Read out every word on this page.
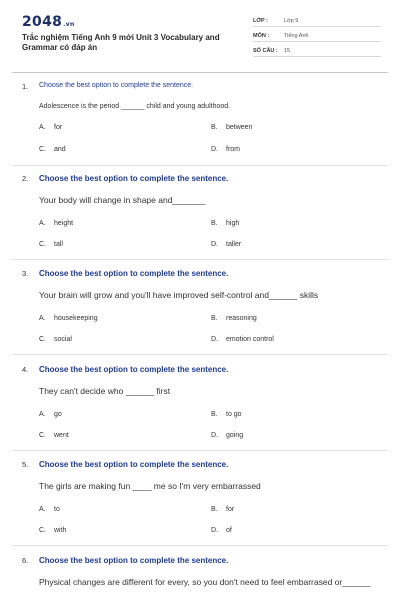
2048.vn
Trắc nghiệm Tiếng Anh 9 mới Unit 3 Vocabulary and Grammar có đáp án
LỚP :	Lớp 9
MÔN :	Tiếng Anh
SỐ CÂU :	15
1. Choose the best option to complete the sentence.
Adolescence is the period ______ child and young adulthood.
A. for	B. between
C. and	D. from
2. Choose the best option to complete the sentence.
Your body will change in shape and_______
A. height	B. high
C. tall	D. taller
3. Choose the best option to complete the sentence.
Your brain will grow and you'll have improved self-control and______ skills
A. housekeeping	B. reasoning
C. social	D. emotion control
4. Choose the best option to complete the sentence.
They can't decide who ______ first
A. go	B. to go
C. went	D. going
5. Choose the best option to complete the sentence.
The girls are making fun ____ me so I'm very embarrassed
A. to	B. for
C. with	D. of
6. Choose the best option to complete the sentence.
Physical changes are different for every, so you don't need to feel embarrased or______
